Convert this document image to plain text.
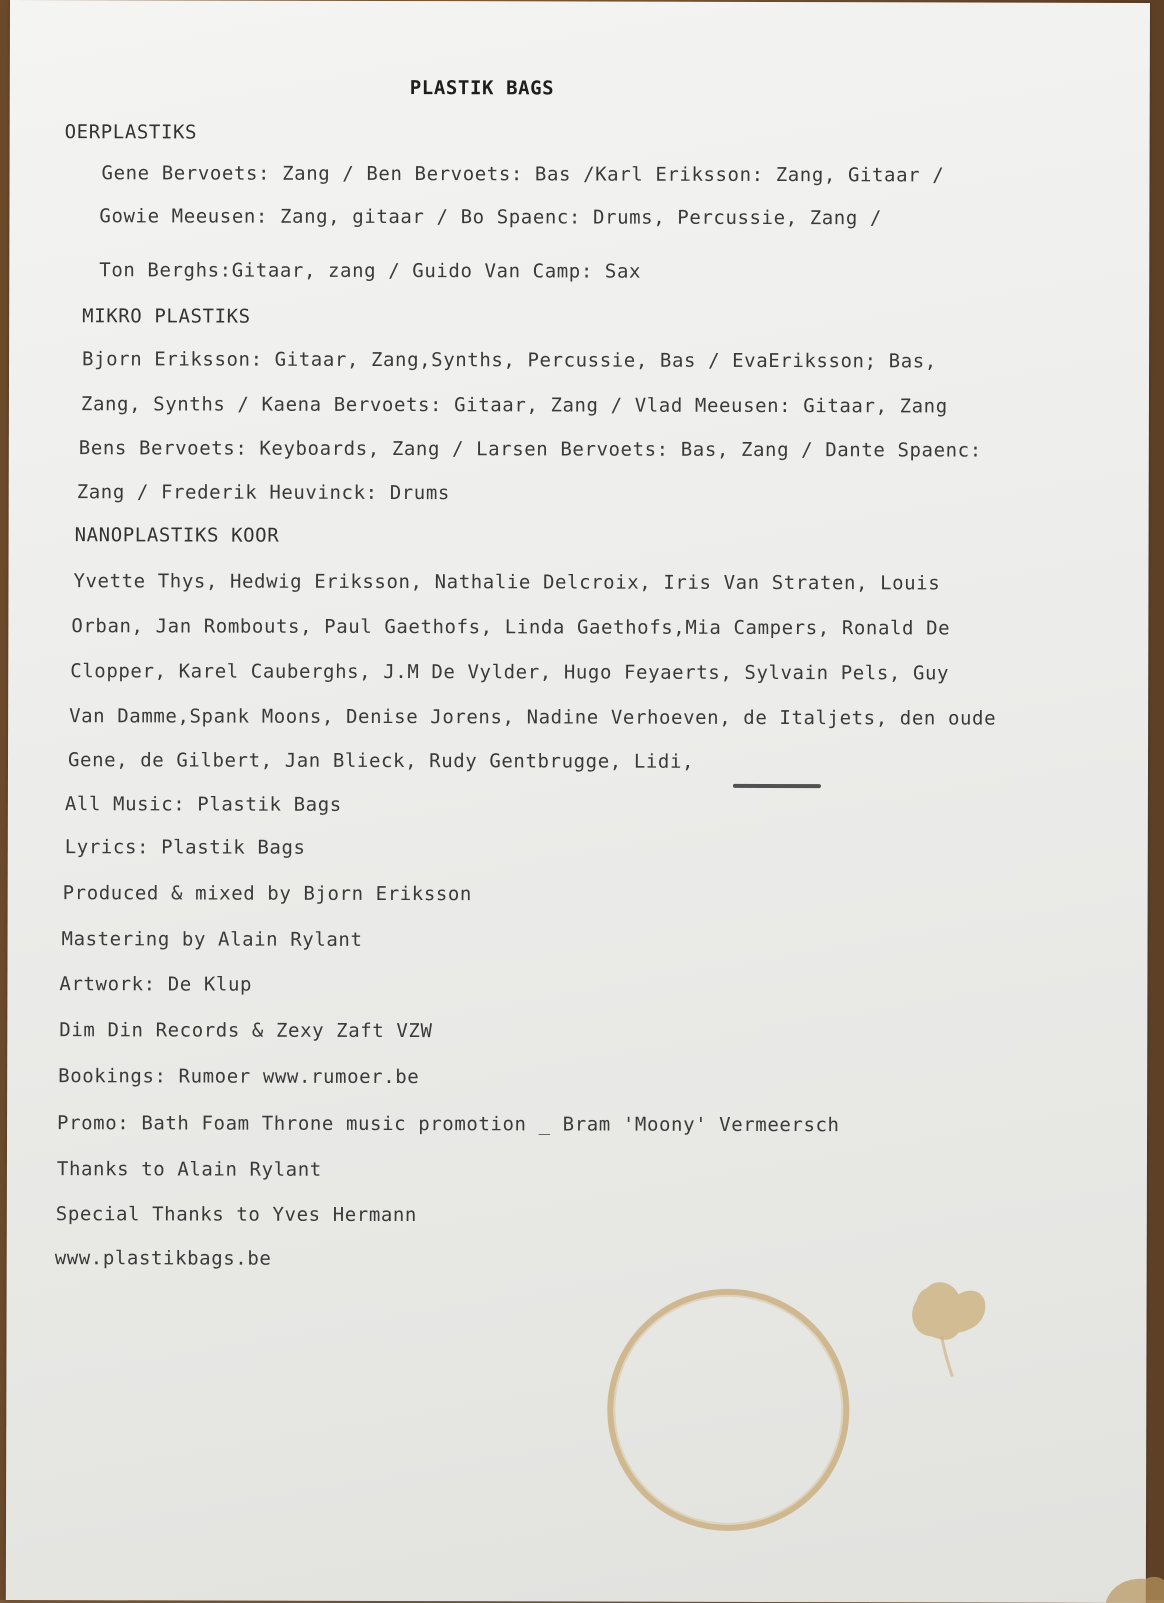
PLASTIK BAGS

OERPLASTIKS

Gene Bervoets: Zang / Ben Bervoets: Bas /Karl Eriksson: Zang, Gitaar /

Gowie Meeusen: Zang, gitaar / Bo Spaenc: Drums, Percussie, Zang /

Ton Berghs:Gitaar, zang / Guido Van Camp: Sax

MIKRO PLASTIKS

Bjorn Eriksson: Gitaar, Zang,Synths, Percussie, Bas / EvaEriksson; Bas,

Zang, Synths / Kaena Bervoets: Gitaar, Zang / Vlad Meeusen: Gitaar, Zang

Bens Bervoets: Keyboards, Zang / Larsen Bervoets: Bas, Zang / Dante Spaenc:

Zang / Frederik Heuvinck: Drums

NANOPLASTIKS KOOR

Yvette Thys, Hedwig Eriksson, Nathalie Delcroix, Iris Van Straten, Louis

Orban, Jan Rombouts, Paul Gaethofs, Linda Gaethofs,Mia Campers, Ronald De

Clopper, Karel Cauberghs, J.M De Vylder, Hugo Feyaerts, Sylvain Pels, Guy

Van Damme,Spank Moons, Denise Jorens, Nadine Verhoeven, de Italjets, den oude

Gene, de Gilbert, Jan Blieck, Rudy Gentbrugge, Lidi,

All Music: Plastik Bags

Lyrics: Plastik Bags

Produced & mixed by Bjorn Eriksson

Mastering by Alain Rylant

Artwork: De Klup

Dim Din Records & Zexy Zaft VZW

Bookings: Rumoer www.rumoer.be

Promo: Bath Foam Throne music promotion _ Bram 'Moony' Vermeersch

Thanks to Alain Rylant

Special Thanks to Yves Hermann

www.plastikbags.be
